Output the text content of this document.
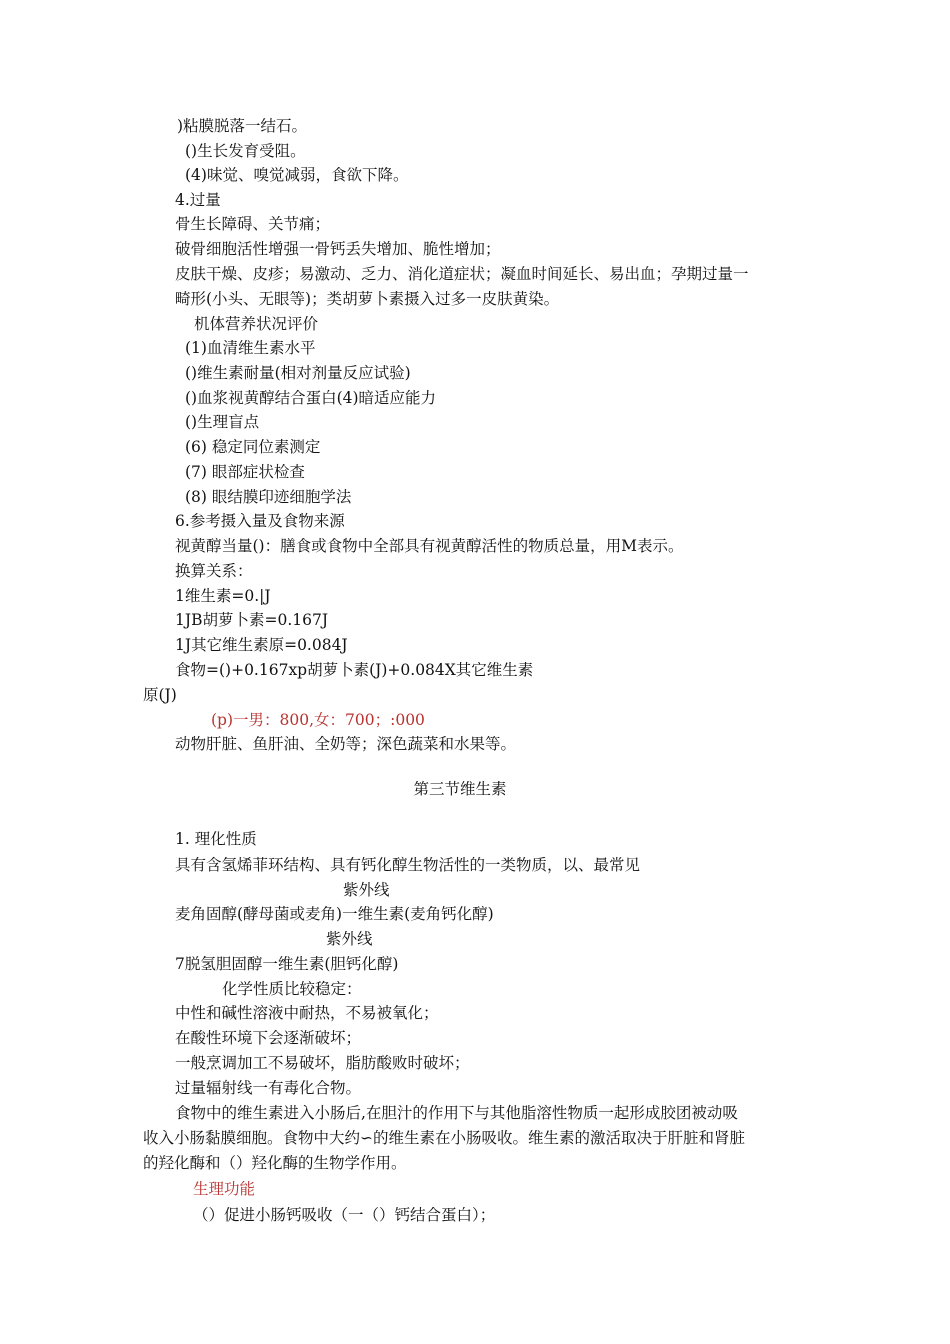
)粘膜脱落一结石。
()生长发育受阻。
(4)味觉、嗅觉减弱，食欲下降。
4.过量
骨生长障碍、关节痛；
破骨细胞活性增强一骨钙丢失增加、脆性增加；
皮肤干燥、皮疹；易激动、乏力、消化道症状；凝血时间延长、易出血；孕期过量一
畸形(小头、无眼等)；类胡萝卜素摄入过多一皮肤黄染。
机体营养状况评价
(1)血清维生素水平
()维生素耐量(相对剂量反应试验)
()血浆视黄醇结合蛋白(4)暗适应能力
()生理盲点
(6) 稳定同位素测定
(7) 眼部症状检查
(8) 眼结膜印迹细胞学法
6.参考摄入量及食物来源
视黄醇当量()：膳食或食物中全部具有视黄醇活性的物质总量，用M表示。
换算关系：
1维生素=0.|J
1JB胡萝卜素=0.167J
1J其它维生素原=0.084J
食物=()+0.167xp胡萝卜素(J)+0.084X其它维生素
原(J)
(p)一男：800,女：700；:000
动物肝脏、鱼肝油、全奶等；深色蔬菜和水果等。
第三节维生素
1. 理化性质
具有含氢烯菲环结构、具有钙化醇生物活性的一类物质，以、最常见
紫外线
麦角固醇(酵母菌或麦角)一维生素(麦角钙化醇)
紫外线
7脱氢胆固醇一维生素(胆钙化醇)
化学性质比较稳定：
中性和碱性溶液中耐热，不易被氧化；
在酸性环境下会逐渐破坏；
一般烹调加工不易破坏，脂肪酸败时破坏；
过量辐射线一有毒化合物。
食物中的维生素进入小肠后,在胆汁的作用下与其他脂溶性物质一起形成胶团被动吸
收入小肠黏膜细胞。食物中大约∽的维生素在小肠吸收。维生素的激活取决于肝脏和肾脏
的羟化酶和（）羟化酶的生物学作用。
生理功能
（）促进小肠钙吸收（一（）钙结合蛋白）；
